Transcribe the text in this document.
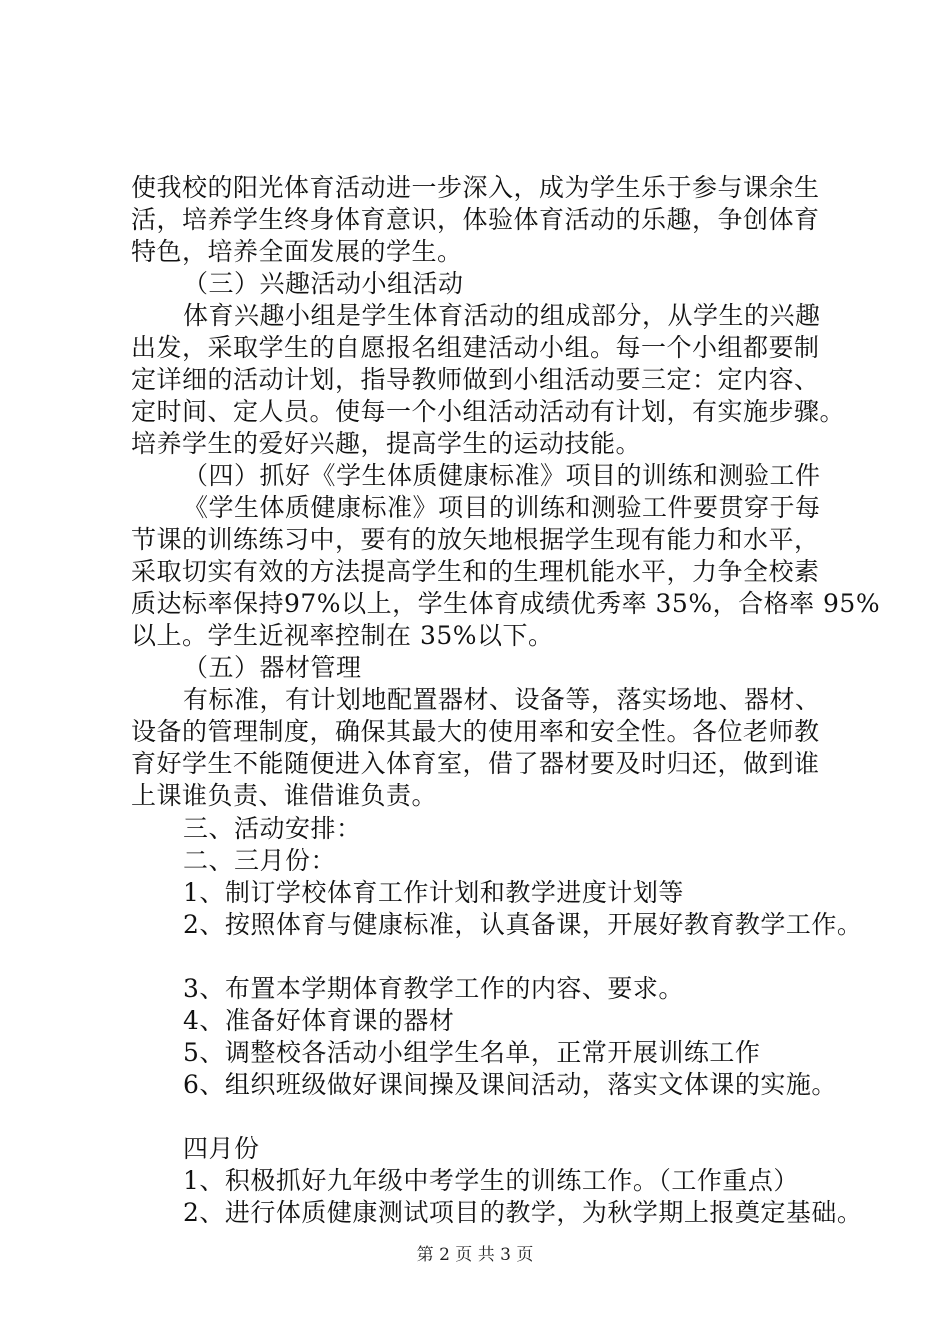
使我校的阳光体育活动进一步深入，成为学生乐于参与课余生
活，培养学生终身体育意识，体验体育活动的乐趣，争创体育
特色，培养全面发展的学生。
（三）兴趣活动小组活动
体育兴趣小组是学生体育活动的组成部分，从学生的兴趣
出发，采取学生的自愿报名组建活动小组。每一个小组都要制
定详细的活动计划，指导教师做到小组活动要三定：定内容、
定时间、定人员。使每一个小组活动活动有计划，有实施步骤。
培养学生的爱好兴趣，提高学生的运动技能。
（四）抓好《学生体质健康标准》项目的训练和测验工件
《学生体质健康标准》项目的训练和测验工件要贯穿于每
节课的训练练习中，要有的放矢地根据学生现有能力和水平，
采取切实有效的方法提高学生和的生理机能水平，力争全校素
质达标率保持97%以上，学生体育成绩优秀率 35%，合格率 95%
以上。学生近视率控制在 35%以下。
（五）器材管理
有标准，有计划地配置器材、设备等，落实场地、器材、
设备的管理制度，确保其最大的使用率和安全性。各位老师教
育好学生不能随便进入体育室，借了器材要及时归还，做到谁
上课谁负责、谁借谁负责。
三、活动安排：
二、三月份：
1、制订学校体育工作计划和教学进度计划等
2、按照体育与健康标准，认真备课，开展好教育教学工作。
3、布置本学期体育教学工作的内容、要求。
4、准备好体育课的器材
5、调整校各活动小组学生名单，正常开展训练工作
6、组织班级做好课间操及课间活动，落实文体课的实施。
四月份
1、积极抓好九年级中考学生的训练工作。（工作重点）
2、进行体质健康测试项目的教学，为秋学期上报奠定基础。
第 2 页 共 3 页
